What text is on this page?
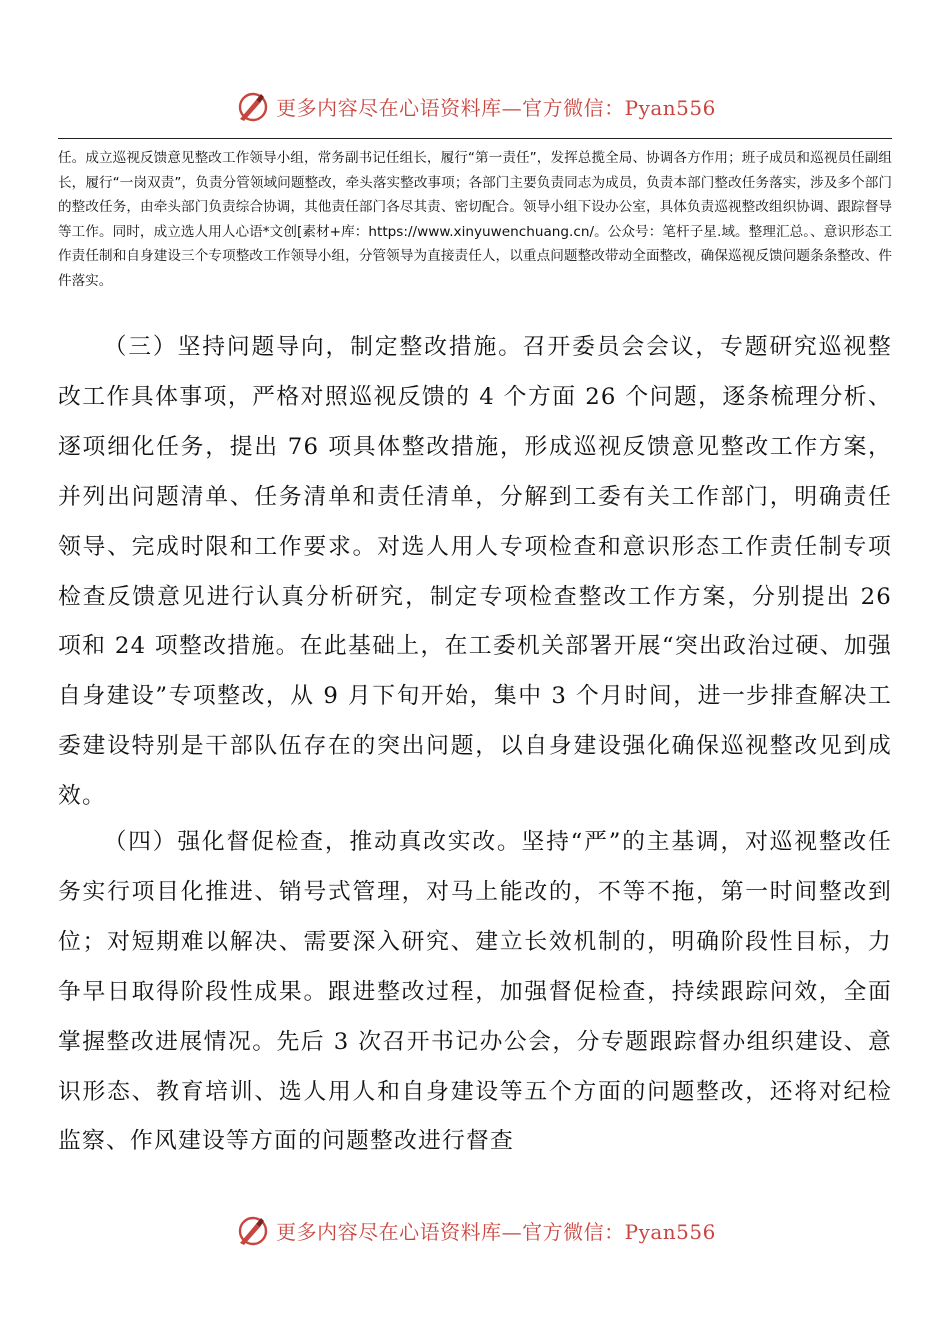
更多内容尽在心语资料库—官方微信：Pyan556

任。成立巡视反馈意见整改工作领导小组，常务副书记任组长，履行“第一责任”，发挥总揽全局、协调各方作用；班子成员和巡视员任副组长，履行“一岗双责”，负责分管领域问题整改，牵头落实整改事项；各部门主要负责同志为成员，负责本部门整改任务落实，涉及多个部门的整改任务，由牵头部门负责综合协调，其他责任部门各尽其责、密切配合。领导小组下设办公室，具体负责巡视整改组织协调、跟踪督导等工作。同时，成立选人用人心语*文创[素材+库：https://www.xinyuwenchuang.cn/。公众号：笔杆子星.域。整理汇总。、意识形态工作责任制和自身建设三个专项整改工作领导小组，分管领导为直接责任人，以重点问题整改带动全面整改，确保巡视反馈问题条条整改、件件落实。

（三）坚持问题导向，制定整改措施。召开委员会会议，专题研究巡视整改工作具体事项，严格对照巡视反馈的 4 个方面 26 个问题，逐条梳理分析、逐项细化任务，提出 76 项具体整改措施，形成巡视反馈意见整改工作方案，并列出问题清单、任务清单和责任清单，分解到工委有关工作部门，明确责任领导、完成时限和工作要求。对选人用人专项检查和意识形态工作责任制专项检查反馈意见进行认真分析研究，制定专项检查整改工作方案，分别提出 26 项和 24 项整改措施。在此基础上，在工委机关部署开展“突出政治过硬、加强自身建设”专项整改，从 9 月下旬开始，集中 3 个月时间，进一步排查解决工委建设特别是干部队伍存在的突出问题，以自身建设强化确保巡视整改见到成效。

（四）强化督促检查，推动真改实改。坚持“严”的主基调，对巡视整改任务实行项目化推进、销号式管理，对马上能改的，不等不拖，第一时间整改到位；对短期难以解决、需要深入研究、建立长效机制的，明确阶段性目标，力争早日取得阶段性成果。跟进整改过程，加强督促检查，持续跟踪问效，全面掌握整改进展情况。先后 3 次召开书记办公会，分专题跟踪督办组织建设、意识形态、教育培训、选人用人和自身建设等五个方面的问题整改，还将对纪检监察、作风建设等方面的问题整改进行督查

更多内容尽在心语资料库—官方微信：Pyan556
